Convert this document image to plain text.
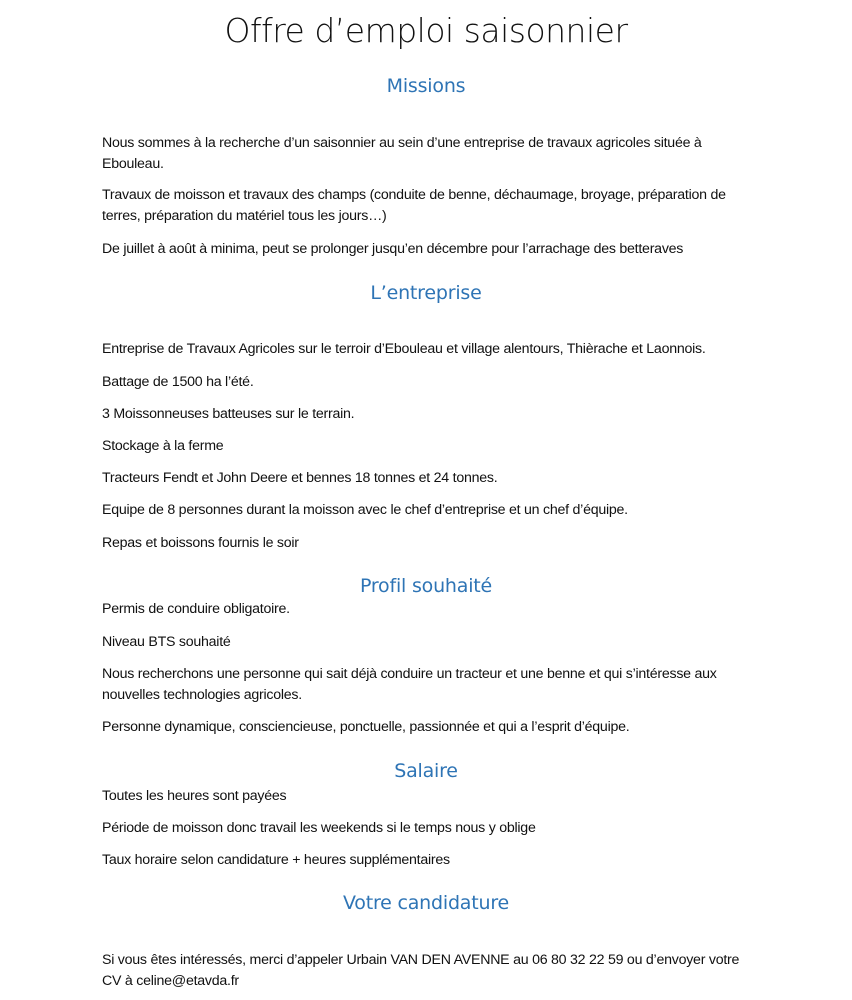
Offre d’emploi saisonnier
Missions

Nous sommes à la recherche d’un saisonnier au sein d’une entreprise de travaux agricoles située à Ebouleau.

Travaux de moisson et travaux des champs (conduite de benne, déchaumage, broyage, préparation de terres, préparation du matériel tous les jours…)

De juillet à août à minima, peut se prolonger jusqu’en décembre pour l’arrachage des betteraves

L’entreprise

Entreprise de Travaux Agricoles sur le terroir d’Ebouleau et village alentours, Thièrache et Laonnois.

Battage de 1500 ha l’été.

3 Moissonneuses batteuses sur le terrain.

Stockage à la ferme

Tracteurs Fendt et John Deere et bennes 18 tonnes et 24 tonnes.

Equipe de 8 personnes durant la moisson avec le chef d’entreprise et un chef d’équipe.

Repas et boissons fournis le soir

Profil souhaité

Permis de conduire obligatoire.

Niveau BTS souhaité

Nous recherchons une personne qui sait déjà conduire un tracteur et une benne et qui s’intéresse aux nouvelles technologies agricoles.

Personne dynamique, consciencieuse, ponctuelle, passionnée et qui a l’esprit d’équipe.

Salaire

Toutes les heures sont payées

Période de moisson donc travail les weekends si le temps nous y oblige

Taux horaire selon candidature + heures supplémentaires

Votre candidature

Si vous êtes intéressés, merci d’appeler Urbain VAN DEN AVENNE au 06 80 32 22 59 ou d’envoyer votre CV à celine@etavda.fr
